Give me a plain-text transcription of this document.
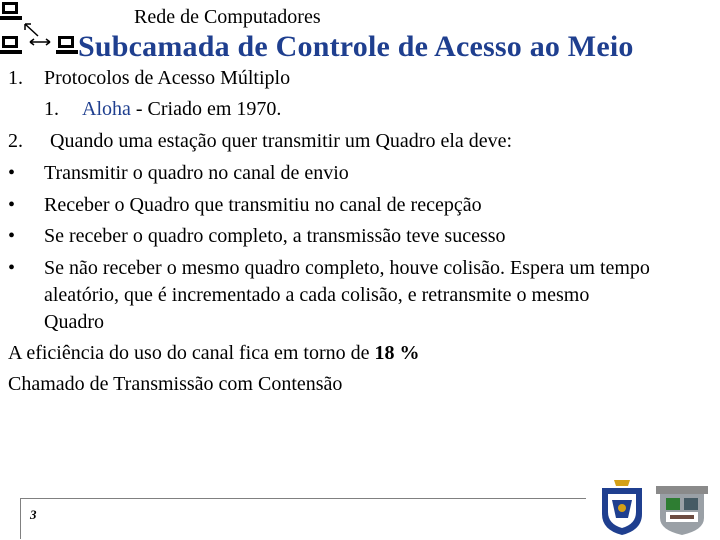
Rede de Computadores
Subcamada de Controle de Acesso ao Meio
1. Protocolos de Acesso Múltiplo
1. Aloha - Criado em 1970.
2. Quando uma estação quer transmitir um Quadro ela deve:
• Transmitir o quadro no canal de envio
• Receber o Quadro que transmitiu no canal de recepção
• Se receber o quadro completo, a transmissão teve sucesso
• Se não receber o mesmo quadro completo, houve colisão. Espera um tempo
aleatório, que é incrementado a cada colisão, e retransmite o mesmo
Quadro
A eficiência do uso do canal fica em torno de 18 %
Chamado de Transmissão com Contensão
3
